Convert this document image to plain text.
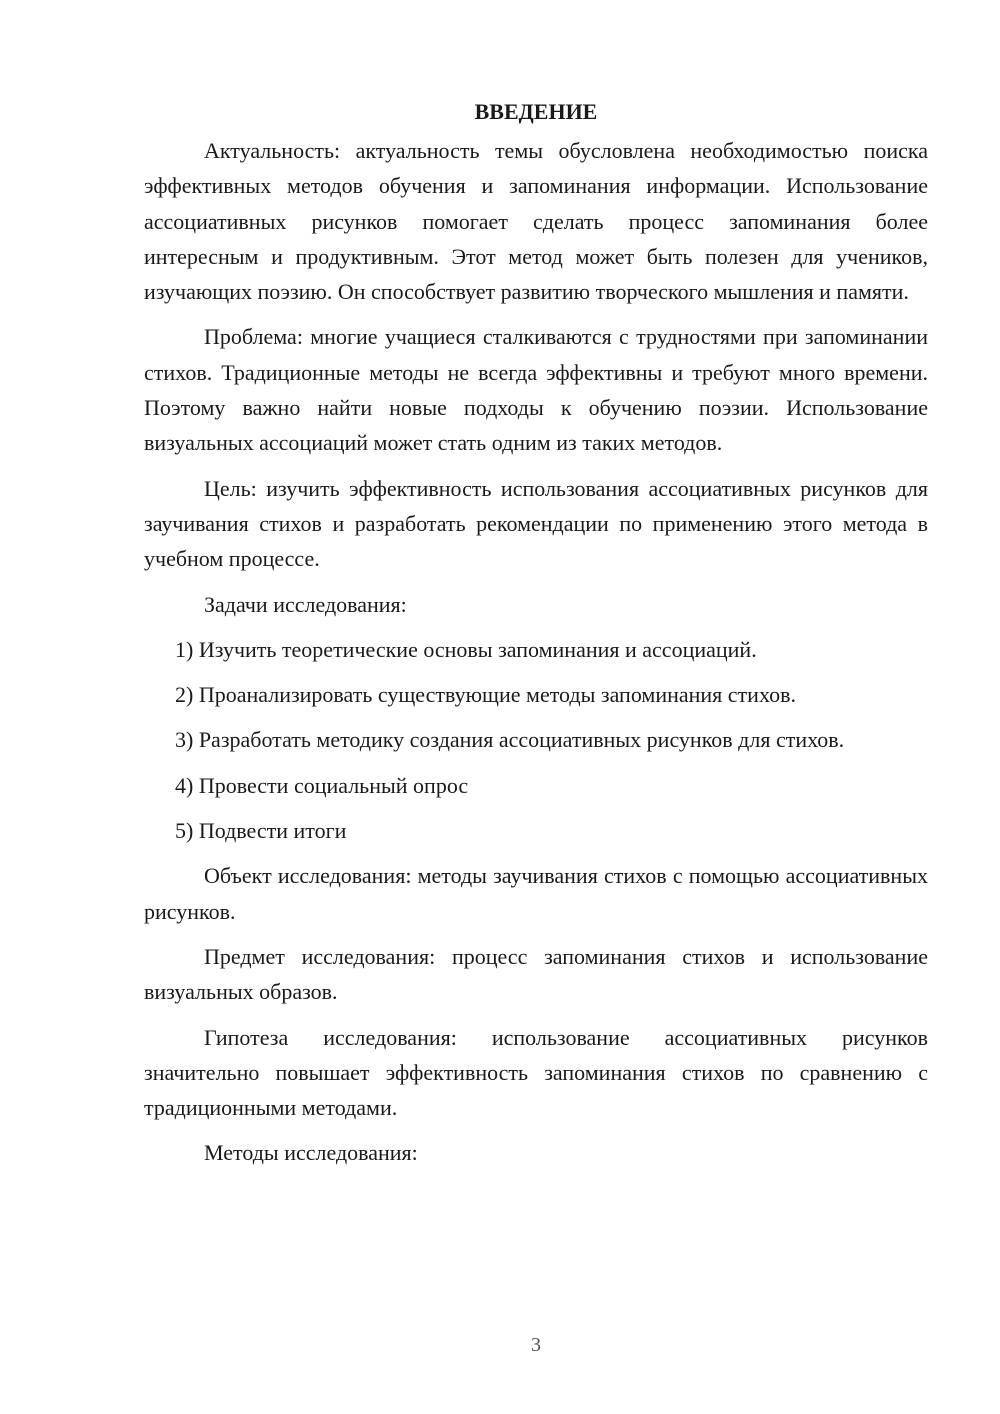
ВВЕДЕНИЕ

Актуальность: актуальность темы обусловлена необходимостью поиска эффективных методов обучения и запоминания информации. Использование ассоциативных рисунков помогает сделать процесс запоминания более интересным и продуктивным. Этот метод может быть полезен для учеников, изучающих поэзию. Он способствует развитию творческого мышления и памяти.

Проблема: многие учащиеся сталкиваются с трудностями при запоминании стихов. Традиционные методы не всегда эффективны и требуют много времени. Поэтому важно найти новые подходы к обучению поэзии. Использование визуальных ассоциаций может стать одним из таких методов.

Цель: изучить эффективность использования ассоциативных рисунков для заучивания стихов и разработать рекомендации по применению этого метода в учебном процессе.

Задачи исследования:

1) Изучить теоретические основы запоминания и ассоциаций.

2) Проанализировать существующие методы запоминания стихов.

3) Разработать методику создания ассоциативных рисунков для стихов.

4) Провести социальный опрос

5) Подвести итоги

Объект исследования: методы заучивания стихов с помощью ассоциативных рисунков.

Предмет исследования: процесс запоминания стихов и использование визуальных образов.

Гипотеза исследования: использование ассоциативных рисунков значительно повышает эффективность запоминания стихов по сравнению с традиционными методами.

Методы исследования:

3
